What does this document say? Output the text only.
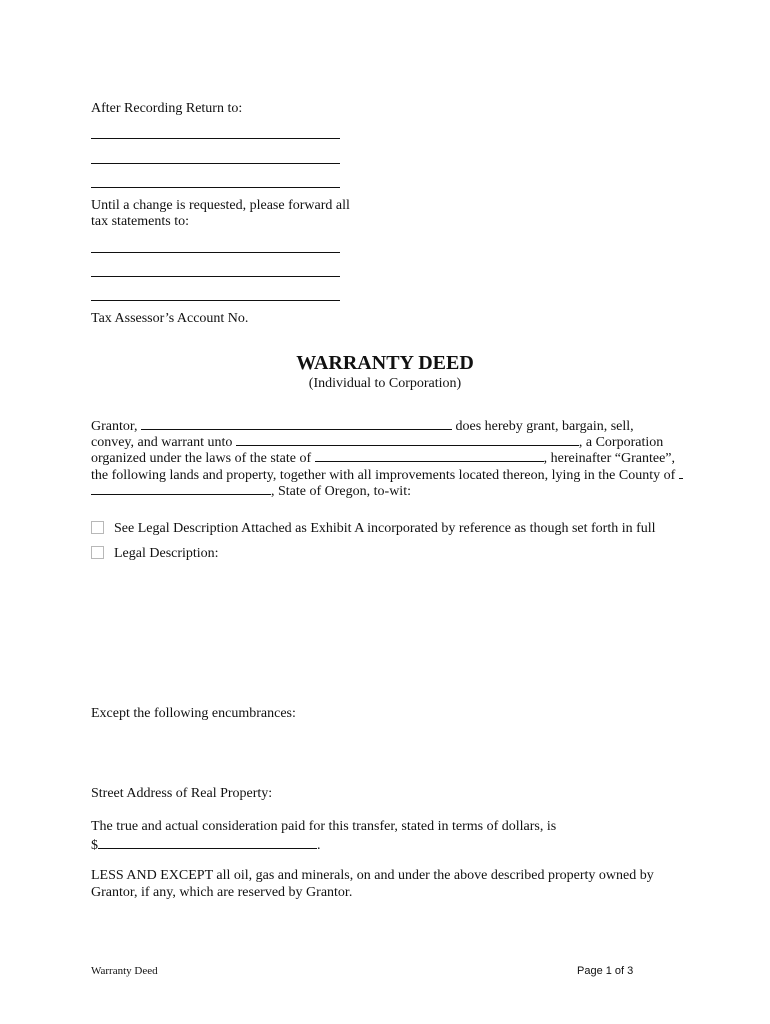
After Recording Return to:
Until a change is requested, please forward all
tax statements to:
Tax Assessor’s Account No.
WARRANTY DEED
(Individual to Corporation)
Grantor,	does hereby grant, bargain, sell,
convey, and warrant unto	, a Corporation
organized under the laws of the state of	, hereinafter “Grantee”,
the following lands and property, together with all improvements located thereon, lying in the County of
, State of Oregon, to-wit:
See Legal Description Attached as Exhibit A incorporated by reference as though set forth in full
Legal Description:
Except the following encumbrances:
Street Address of Real Property:
The true and actual consideration paid for this transfer, stated in terms of dollars, is
$	.
LESS AND EXCEPT all oil, gas and minerals, on and under the above described property owned by
Grantor, if any, which are reserved by Grantor.
Warranty Deed	Page 1 of 3
